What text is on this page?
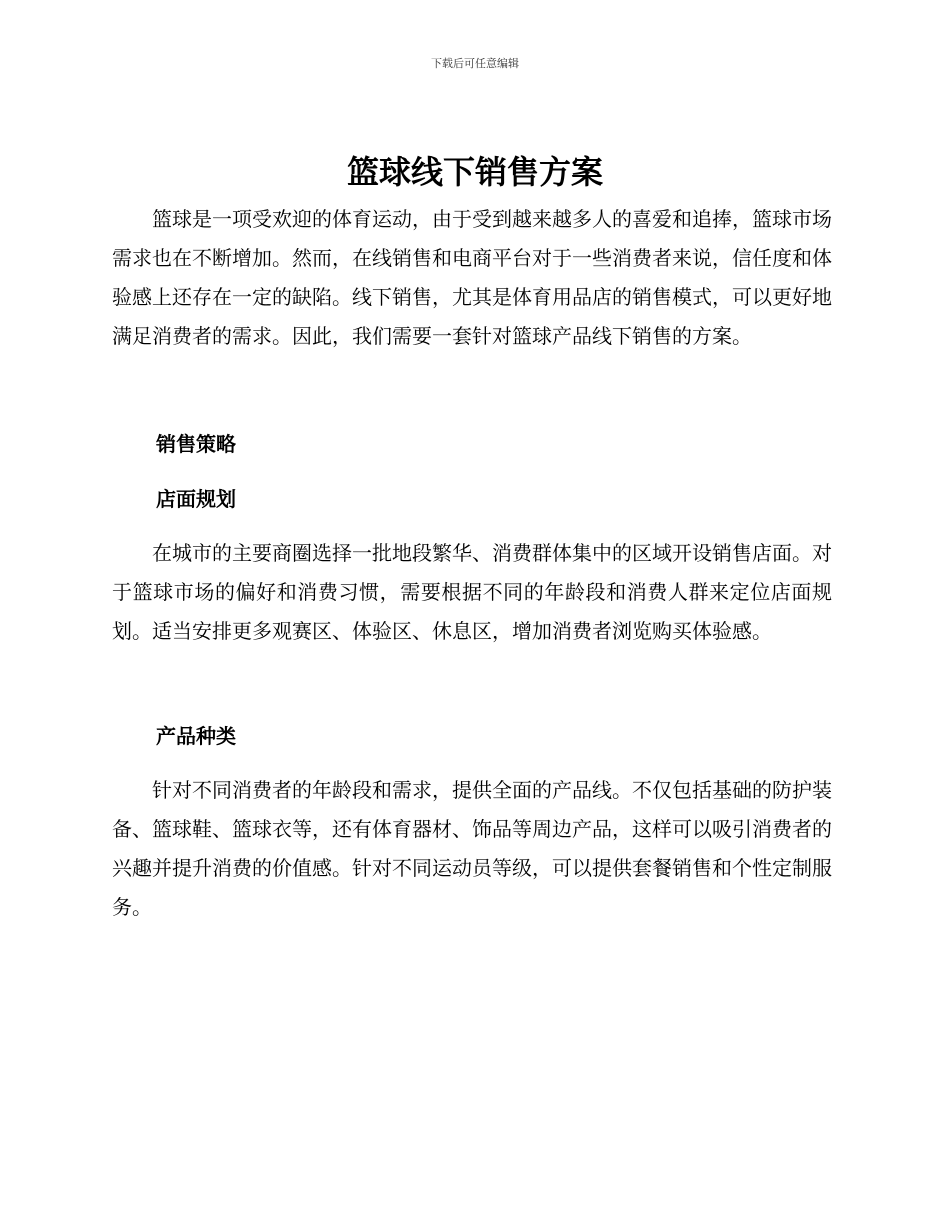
下载后可任意编辑
篮球线下销售方案

篮球是一项受欢迎的体育运动，由于受到越来越多人的喜爱和追捧，篮球市场需求也在不断增加。然而，在线销售和电商平台对于一些消费者来说，信任度和体验感上还存在一定的缺陷。线下销售，尤其是体育用品店的销售模式，可以更好地满足消费者的需求。因此，我们需要一套针对篮球产品线下销售的方案。

销售策略
店面规划

在城市的主要商圈选择一批地段繁华、消费群体集中的区域开设销售店面。对于篮球市场的偏好和消费习惯，需要根据不同的年龄段和消费人群来定位店面规划。适当安排更多观赛区、体验区、休息区，增加消费者浏览购买体验感。

产品种类

针对不同消费者的年龄段和需求，提供全面的产品线。不仅包括基础的防护装备、篮球鞋、篮球衣等，还有体育器材、饰品等周边产品，这样可以吸引消费者的兴趣并提升消费的价值感。针对不同运动员等级，可以提供套餐销售和个性定制服务。
